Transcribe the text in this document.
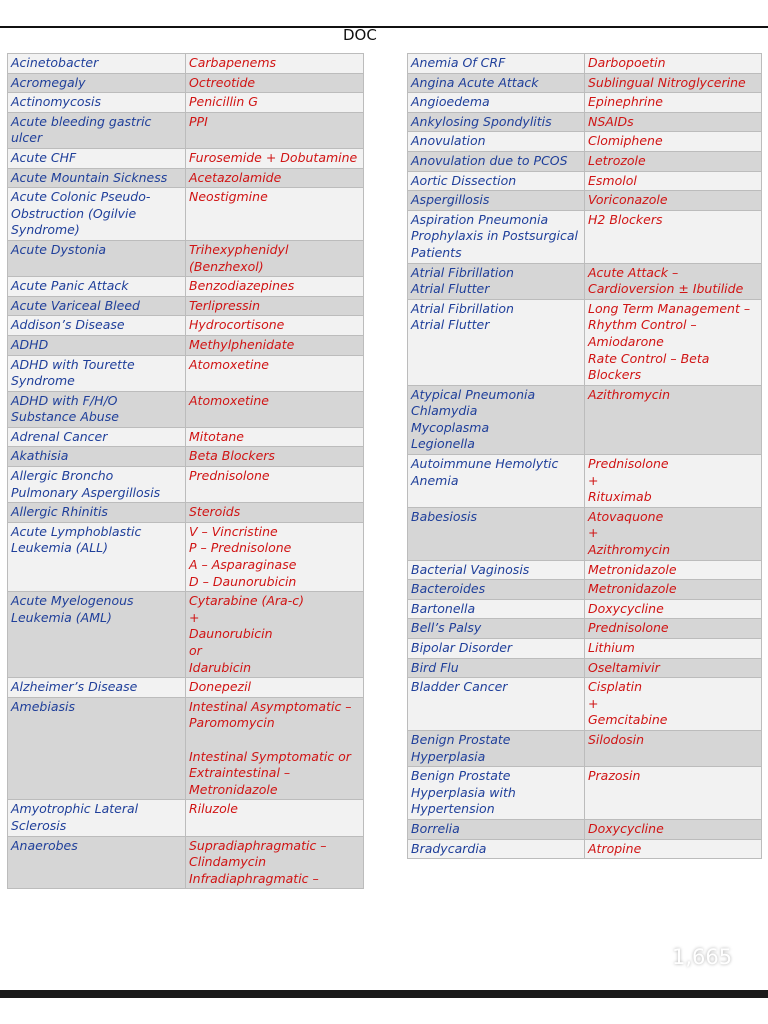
DOC
Acinetobacter	Carbapenems
Acromegaly	Octreotide
Actinomycosis	Penicillin G
Acute bleeding gastric ulcer	PPI
Acute CHF	Furosemide + Dobutamine
Acute Mountain Sickness	Acetazolamide
Acute Colonic Pseudo-Obstruction (Ogilvie Syndrome)	Neostigmine
Acute Dystonia	Trihexyphenidyl (Benzhexol)
Acute Panic Attack	Benzodiazepines
Acute Variceal Bleed	Terlipressin
Addison’s Disease	Hydrocortisone
ADHD	Methylphenidate
ADHD with Tourette Syndrome	Atomoxetine
ADHD with F/H/O Substance Abuse	Atomoxetine
Adrenal Cancer	Mitotane
Akathisia	Beta Blockers
Allergic Broncho Pulmonary Aspergillosis	Prednisolone
Allergic Rhinitis	Steroids
Acute Lymphoblastic Leukemia (ALL)	V – Vincristine
P – Prednisolone
A – Asparaginase
D – Daunorubicin
Acute Myelogenous Leukemia (AML)	Cytarabine (Ara-c)
+
Daunorubicin
or
Idarubicin
Alzheimer’s Disease	Donepezil
Amebiasis	Intestinal Asymptomatic – Paromomycin

Intestinal Symptomatic or Extraintestinal – Metronidazole
Amyotrophic Lateral Sclerosis	Riluzole
Anaerobes	Supradiaphragmatic – Clindamycin
Infradiaphragmatic –
Anemia Of CRF	Darbopoetin
Angina Acute Attack	Sublingual Nitroglycerine
Angioedema	Epinephrine
Ankylosing Spondylitis	NSAIDs
Anovulation	Clomiphene
Anovulation due to PCOS	Letrozole
Aortic Dissection	Esmolol
Aspergillosis	Voriconazole
Aspiration Pneumonia Prophylaxis in Postsurgical Patients	H2 Blockers
Atrial Fibrillation
Atrial Flutter	Acute Attack – Cardioversion ± Ibutilide
Atrial Fibrillation
Atrial Flutter	Long Term Management – Rhythm Control – Amiodarone
Rate Control – Beta Blockers
Atypical Pneumonia
Chlamydia
Mycoplasma
Legionella	Azithromycin
Autoimmune Hemolytic Anemia	Prednisolone
+
Rituximab
Babesiosis	Atovaquone
+
Azithromycin
Bacterial Vaginosis	Metronidazole
Bacteroides	Metronidazole
Bartonella	Doxycycline
Bell’s Palsy	Prednisolone
Bipolar Disorder	Lithium
Bird Flu	Oseltamivir
Bladder Cancer	Cisplatin
+
Gemcitabine
Benign Prostate Hyperplasia	Silodosin
Benign Prostate Hyperplasia with Hypertension	Prazosin
Borrelia	Doxycycline
Bradycardia	Atropine
1,665
